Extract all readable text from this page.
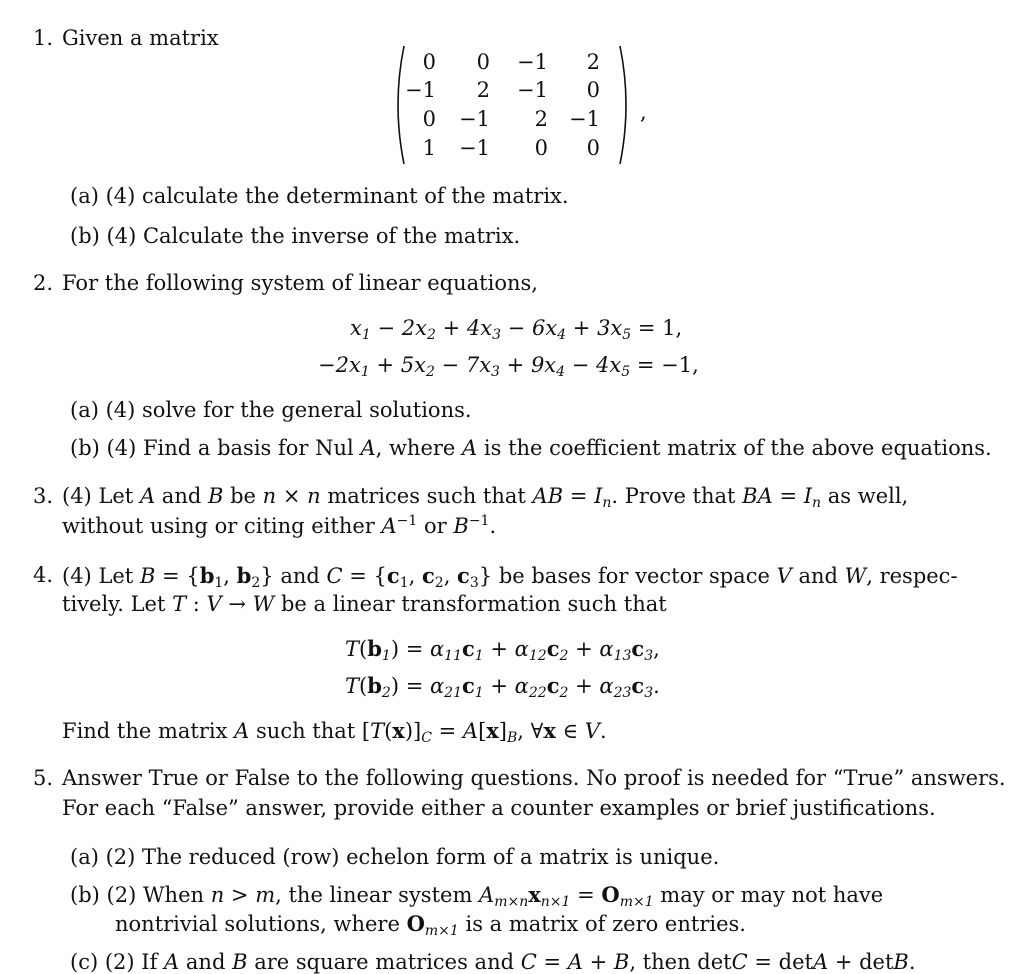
1. Given a matrix
0	0	−1	2
−1	2	−1	0
0	−1	2	−1
1	−1	0	0
,
(a) (4) calculate the determinant of the matrix.
(b) (4) Calculate the inverse of the matrix.
2. For the following system of linear equations,
$x_1 - 2x_2 + 4x_3 - 6x_4 + 3x_5 = 1$,
$-2x_1 + 5x_2 - 7x_3 + 9x_4 - 4x_5 = -1$,
(a) (4) solve for the general solutions.
(b) (4) Find a basis for Nul A, where A is the coefficient matrix of the above equations.
3. (4) Let A and B be n × n matrices such that AB = $I_n$. Prove that BA = $I_n$ as well,
without using or citing either $A^{-1}$ or $B^{-1}$.
4. (4) Let $B = \{b_1$, $b_2$} and $C = \{c_1$, $c_2$, $c_3$} be bases for vector space V and W, respec-
tively. Let T : V → W be a linear transformation such that
$T(b_1) = \alpha_{11}c_1 + \alpha_{12}c_2 + \alpha_{13}c_3$,
$T(b_2) = \alpha_{21}c_1 + \alpha_{22}c_2 + \alpha_{23}c_3$.
Find the matrix A such that $[T(x)]_C = A[x]_B$, ∀x ∈ V.
5. Answer True or False to the following questions. No proof is needed for “True” answers.
For each “False” answer, provide either a counter examples or brief justifications.
(a) (2) The reduced (row) echelon form of a matrix is unique.
(b) (2) When n > m, the linear system $A_{m\times n}x_{n\times 1} = O_{m\times 1}$ may or may not have
nontrivial solutions, where $O_{m\times 1}$ is a matrix of zero entries.
(c) (2) If A and B are square matrices and C = A + B, then detC = detA + detB.
